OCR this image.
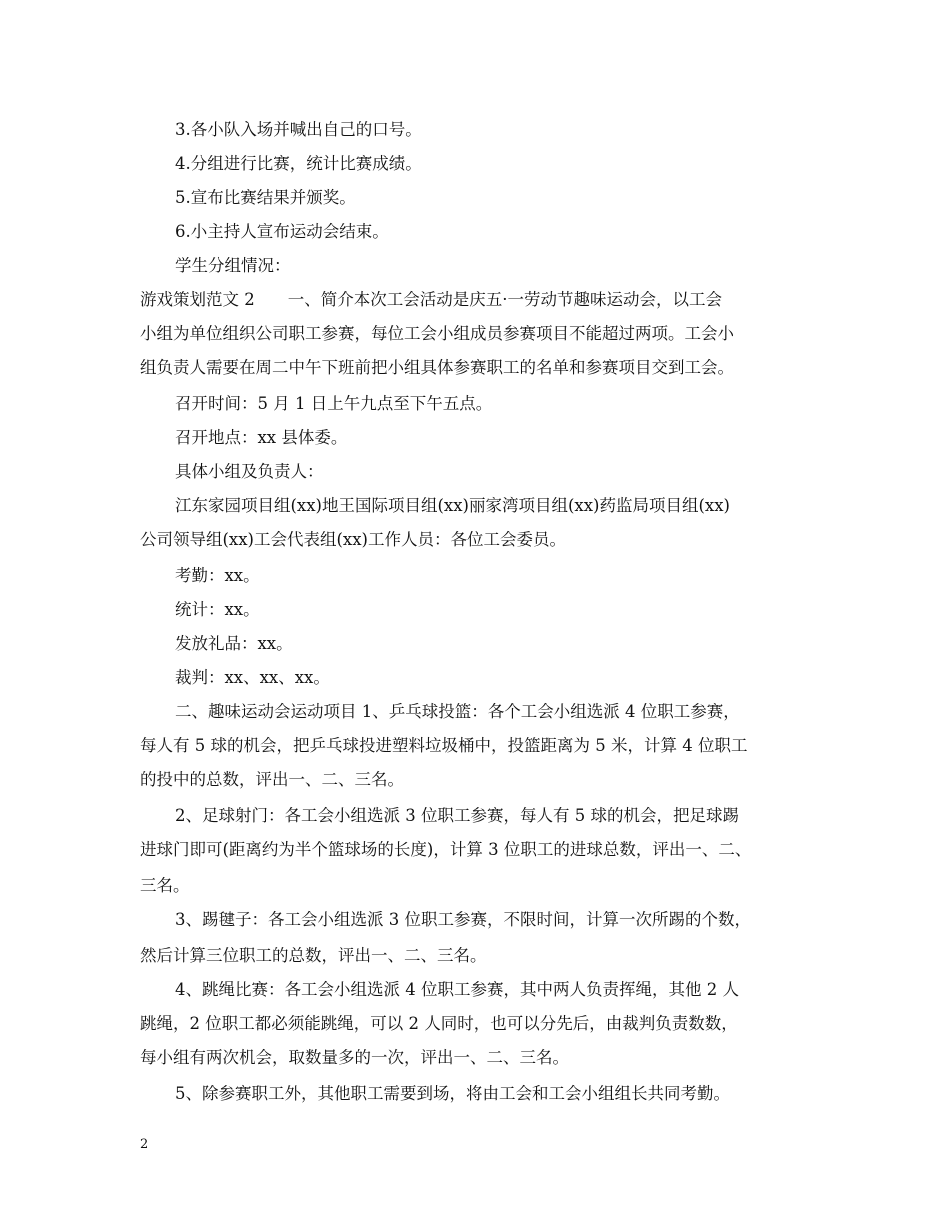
3.各小队入场并喊出自己的口号。
4.分组进行比赛，统计比赛成绩。
5.宣布比赛结果并颁奖。
6.小主持人宣布运动会结束。
学生分组情况：
游戏策划范文 2　　一、简介本次工会活动是庆五·一劳动节趣味运动会，以工会
小组为单位组织公司职工参赛，每位工会小组成员参赛项目不能超过两项。工会小
组负责人需要在周二中午下班前把小组具体参赛职工的名单和参赛项目交到工会。
召开时间：5 月 1 日上午九点至下午五点。
召开地点：xx 县体委。
具体小组及负责人：
江东家园项目组(xx)地王国际项目组(xx)丽家湾项目组(xx)药监局项目组(xx)
公司领导组(xx)工会代表组(xx)工作人员：各位工会委员。
考勤：xx。
统计：xx。
发放礼品：xx。
裁判：xx、xx、xx。
二、趣味运动会运动项目 1、乒乓球投篮：各个工会小组选派 4 位职工参赛，
每人有 5 球的机会，把乒乓球投进塑料垃圾桶中，投篮距离为 5 米，计算 4 位职工
的投中的总数，评出一、二、三名。
2、足球射门：各工会小组选派 3 位职工参赛，每人有 5 球的机会，把足球踢
进球门即可(距离约为半个篮球场的长度)，计算 3 位职工的进球总数，评出一、二、
三名。
3、踢毽子：各工会小组选派 3 位职工参赛，不限时间，计算一次所踢的个数，
然后计算三位职工的总数，评出一、二、三名。
4、跳绳比赛：各工会小组选派 4 位职工参赛，其中两人负责挥绳，其他 2 人
跳绳，2 位职工都必须能跳绳，可以 2 人同时，也可以分先后，由裁判负责数数，
每小组有两次机会，取数量多的一次，评出一、二、三名。
5、除参赛职工外，其他职工需要到场，将由工会和工会小组组长共同考勤。
2
